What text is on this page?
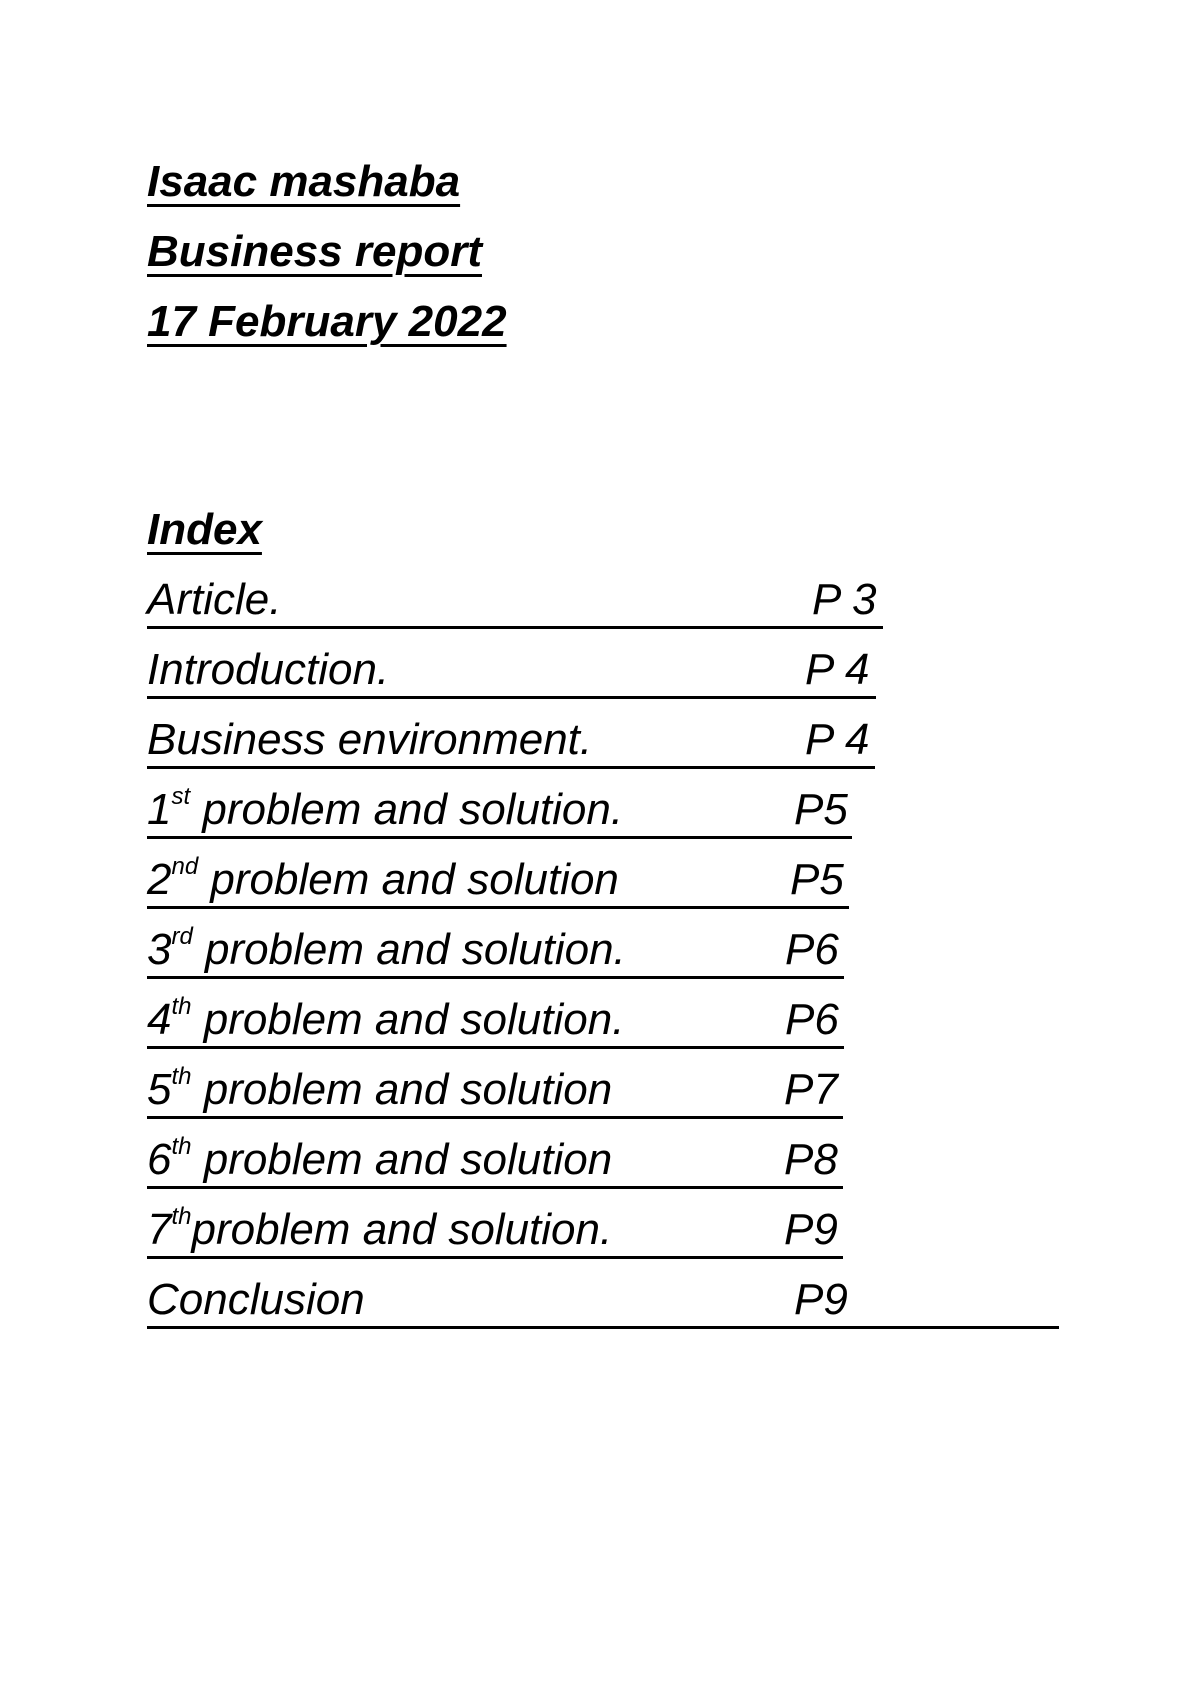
Isaac mashaba
Business report
17 February 2022
Index
Article.	P 3
Introduction.	P 4
Business environment.	P 4
1st problem and solution.	P5
2nd problem and solution	P5
3rd problem and solution.	P6
4th problem and solution.	P6
5th problem and solution	P7
6th problem and solution	P8
7thproblem and solution.	P9
Conclusion	P9
